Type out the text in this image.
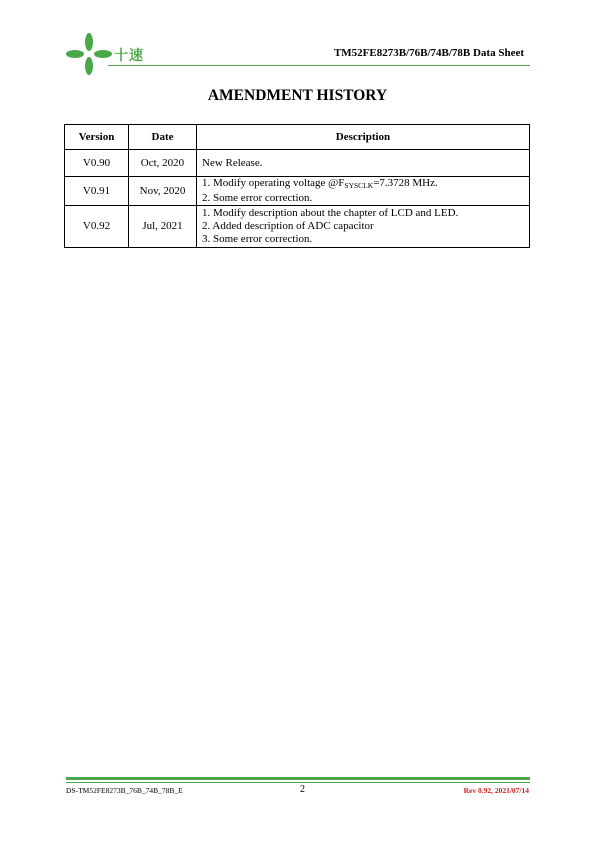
十速	TM52FE8273B/76B/74B/78B Data Sheet
AMENDMENT HISTORY
Version	Date	Description
V0.90	Oct, 2020	New Release.
V0.91	Nov, 2020	1. Modify operating voltage $@F_{SYSCLK}=7.3728$ MHz.
2. Some error correction.

V0.92	Jul, 2021	1. Modify description about the chapter of LCD and LED.
2. Added description of ADC capacitor
3. Some error correction.
DS-TM52FE8273B_76B_74B_78B_E	2	Rev 0.92, 2021/07/14
